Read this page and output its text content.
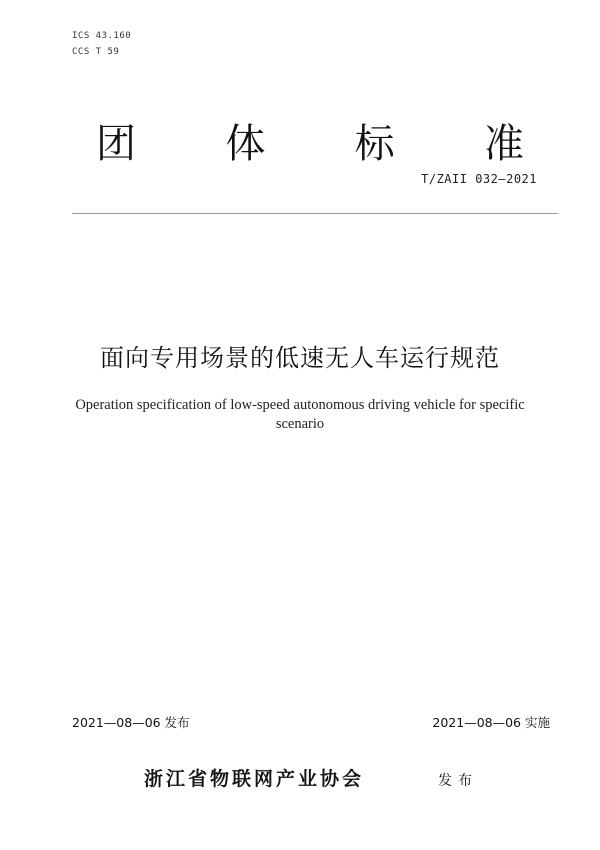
ICS 43.160
CCS T 59
团 体 标 准
T/ZAII 032—2021
面向专用场景的低速无人车运行规范
Operation specification of low-speed autonomous driving vehicle for specific
scenario
2021—08—06 发布	2021—08—06 实施
浙江省物联网产业协会	发布
